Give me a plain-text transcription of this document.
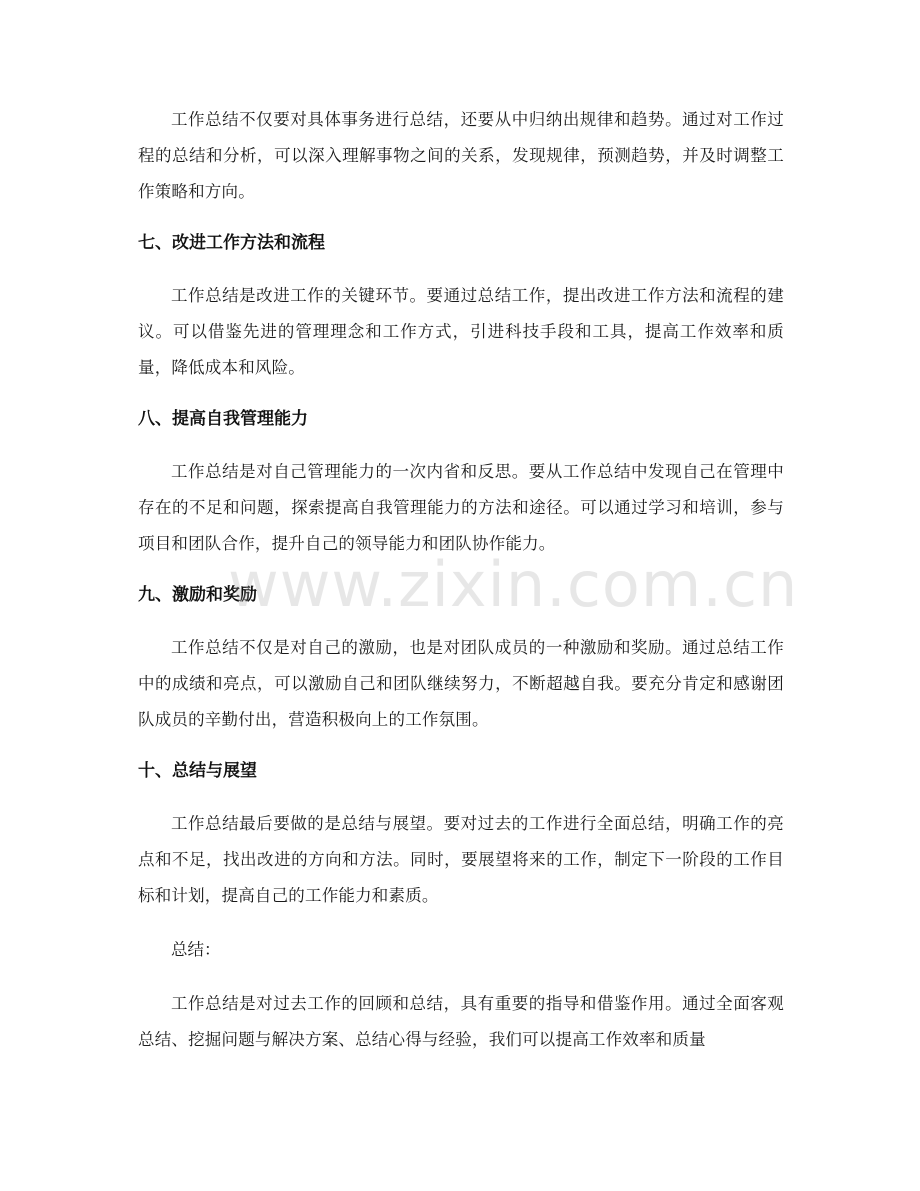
工作总结不仅要对具体事务进行总结，还要从中归纳出规律和趋势。通过对工作过程的总结和分析，可以深入理解事物之间的关系，发现规律，预测趋势，并及时调整工作策略和方向。

七、改进工作方法和流程

工作总结是改进工作的关键环节。要通过总结工作，提出改进工作方法和流程的建议。可以借鉴先进的管理理念和工作方式，引进科技手段和工具，提高工作效率和质量，降低成本和风险。

八、提高自我管理能力

工作总结是对自己管理能力的一次内省和反思。要从工作总结中发现自己在管理中存在的不足和问题，探索提高自我管理能力的方法和途径。可以通过学习和培训，参与项目和团队合作，提升自己的领导能力和团队协作能力。

九、激励和奖励

工作总结不仅是对自己的激励，也是对团队成员的一种激励和奖励。通过总结工作中的成绩和亮点，可以激励自己和团队继续努力，不断超越自我。要充分肯定和感谢团队成员的辛勤付出，营造积极向上的工作氛围。

十、总结与展望

工作总结最后要做的是总结与展望。要对过去的工作进行全面总结，明确工作的亮点和不足，找出改进的方向和方法。同时，要展望将来的工作，制定下一阶段的工作目标和计划，提高自己的工作能力和素质。

总结：

工作总结是对过去工作的回顾和总结，具有重要的指导和借鉴作用。通过全面客观总结、挖掘问题与解决方案、总结心得与经验，我们可以提高工作效率和质量

www.zixin.com.cn
